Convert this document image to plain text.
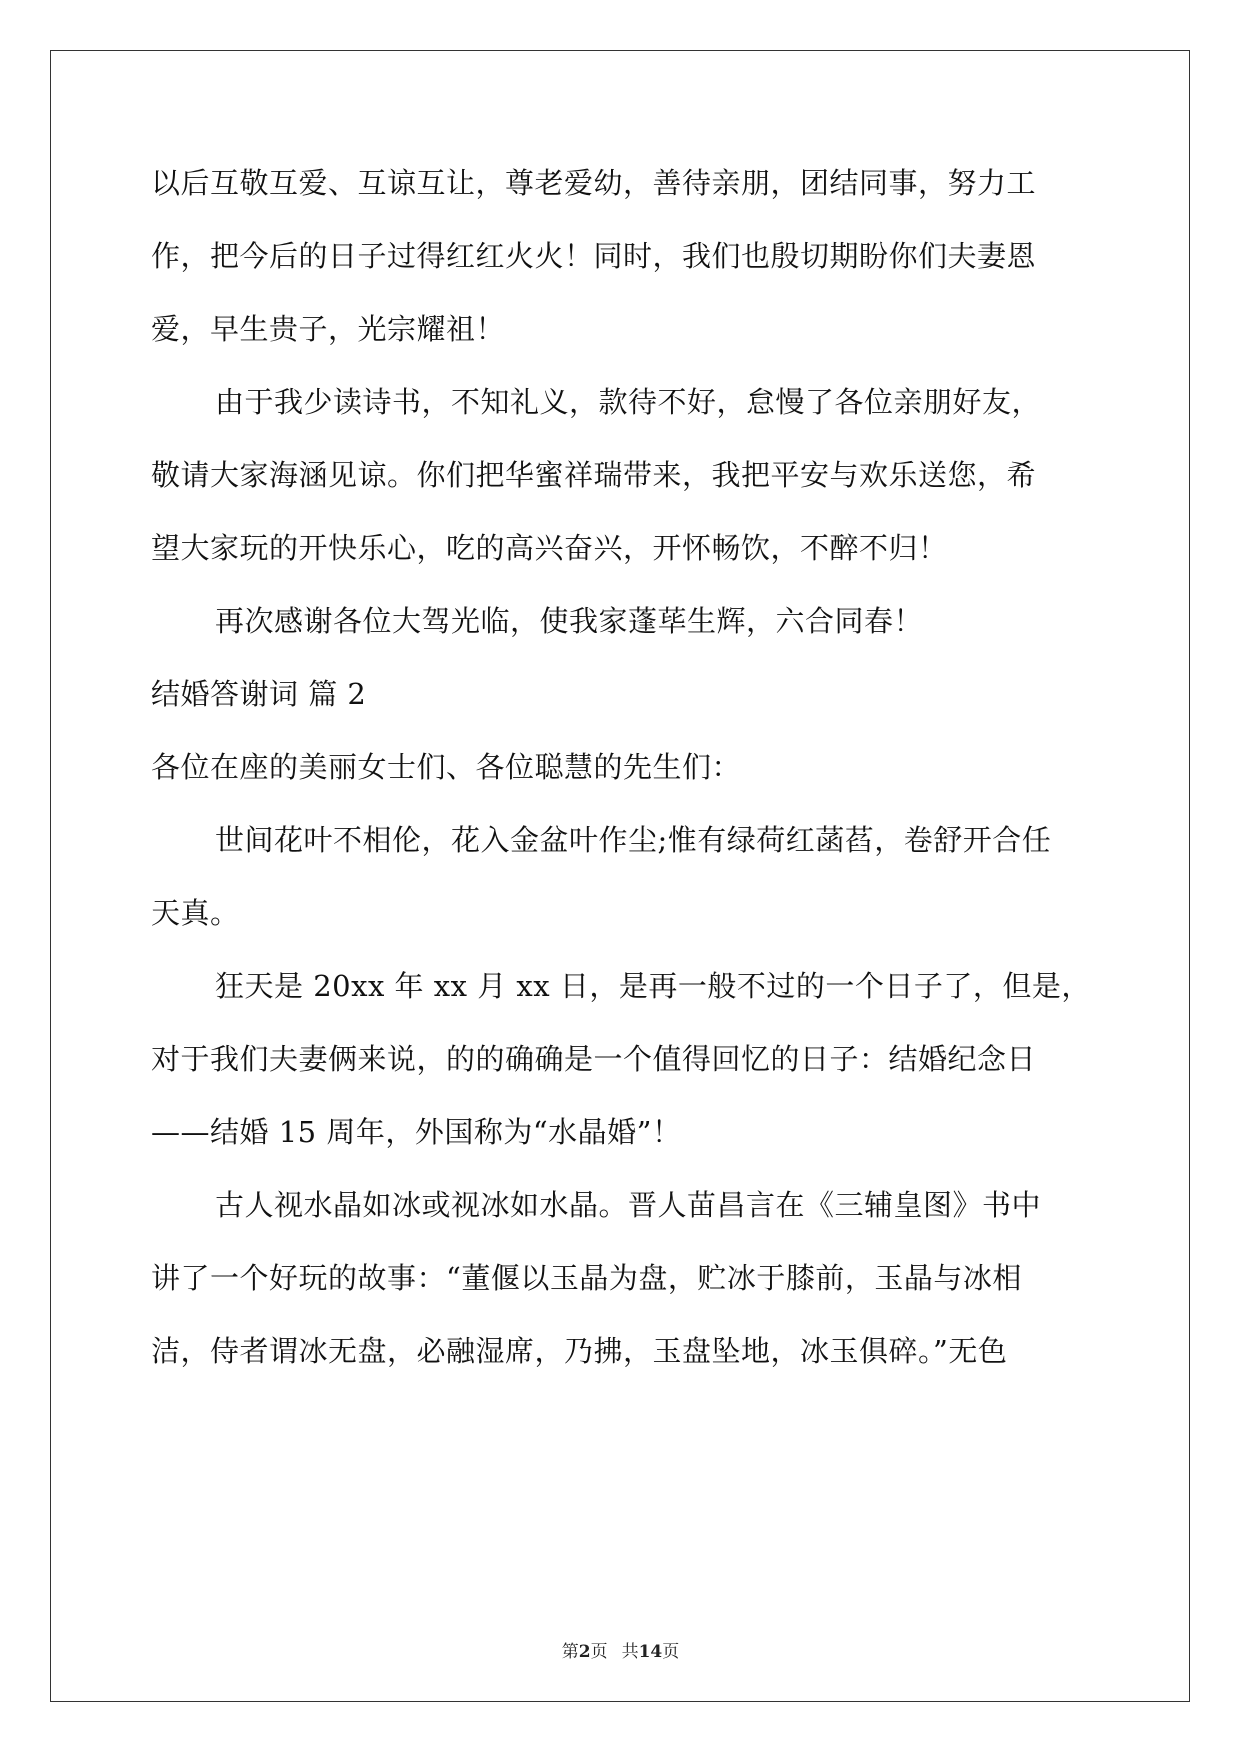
以后互敬互爱、互谅互让，尊老爱幼，善待亲朋，团结同事，努力工
作，把今后的日子过得红红火火！同时，我们也殷切期盼你们夫妻恩
爱，早生贵子，光宗耀祖！
由于我少读诗书，不知礼义，款待不好，怠慢了各位亲朋好友，
敬请大家海涵见谅。你们把华蜜祥瑞带来，我把平安与欢乐送您，希
望大家玩的开快乐心，吃的高兴奋兴，开怀畅饮，不醉不归！
再次感谢各位大驾光临，使我家蓬荜生辉，六合同春！
结婚答谢词 篇 2
各位在座的美丽女士们、各位聪慧的先生们：
世间花叶不相伦，花入金盆叶作尘;惟有绿荷红菡萏，卷舒开合任
天真。
狂天是 20xx 年 xx 月 xx 日，是再一般不过的一个日子了，但是，
对于我们夫妻俩来说，的的确确是一个值得回忆的日子：结婚纪念日
——结婚 15 周年，外国称为“水晶婚”！
古人视水晶如冰或视冰如水晶。晋人苗昌言在《三辅皇图》书中
讲了一个好玩的故事：“董偃以玉晶为盘，贮冰于膝前，玉晶与冰相
洁，侍者谓冰无盘，必融湿席，乃拂，玉盘坠地，冰玉俱碎。”无色
第2页 共14页
